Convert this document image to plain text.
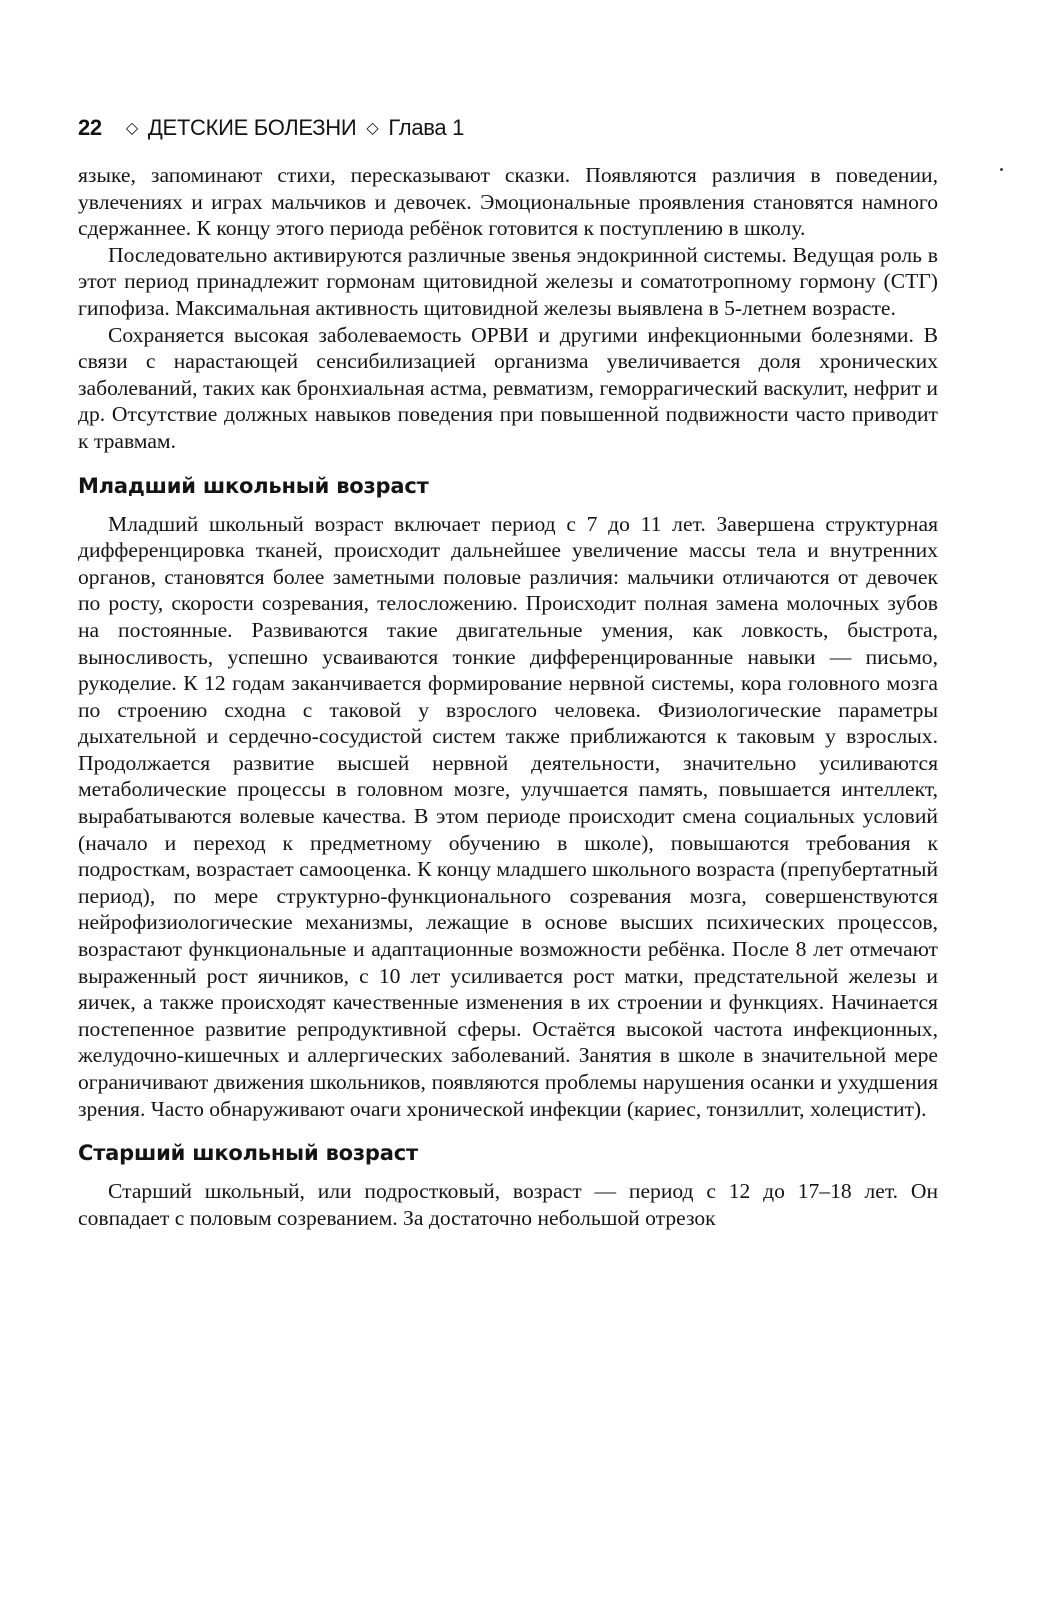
22 ◇ ДЕТСКИЕ БОЛЕЗНИ ◇ Глава 1

языке, запоминают стихи, пересказывают сказки. Появляются различия в поведении, увлечениях и играх мальчиков и девочек. Эмоциональные проявления становятся намного сдержаннее. К концу этого периода ребёнок готовится к поступлению в школу.

Последовательно активируются различные звенья эндокринной системы. Ведущая роль в этот период принадлежит гормонам щитовидной железы и соматотропному гормону (СТГ) гипофиза. Максимальная активность щитовидной железы выявлена в 5-летнем возрасте.

Сохраняется высокая заболеваемость ОРВИ и другими инфекционными болезнями. В связи с нарастающей сенсибилизацией организма увеличивается доля хронических заболеваний, таких как бронхиальная астма, ревматизм, геморрагический васкулит, нефрит и др. Отсутствие должных навыков поведения при повышенной подвижности часто приводит к травмам.

Младший школьный возраст

Младший школьный возраст включает период с 7 до 11 лет. Завершена структурная дифференцировка тканей, происходит дальнейшее увеличение массы тела и внутренних органов, становятся более заметными половые различия: мальчики отличаются от девочек по росту, скорости созревания, телосложению. Происходит полная замена молочных зубов на постоянные. Развиваются такие двигательные умения, как ловкость, быстрота, выносливость, успешно усваиваются тонкие дифференцированные навыки — письмо, рукоделие. К 12 годам заканчивается формирование нервной системы, кора головного мозга по строению сходна с таковой у взрослого человека. Физиологические параметры дыхательной и сердечно-сосудистой систем также приближаются к таковым у взрослых. Продолжается развитие высшей нервной деятельности, значительно усиливаются метаболические процессы в головном мозге, улучшается память, повышается интеллект, вырабатываются волевые качества. В этом периоде происходит смена социальных условий (начало и переход к предметному обучению в школе), повышаются требования к подросткам, возрастает самооценка. К концу младшего школьного возраста (препубертатный период), по мере структурно-функционального созревания мозга, совершенствуются нейрофизиологические механизмы, лежащие в основе высших психических процессов, возрастают функциональные и адаптационные возможности ребёнка. После 8 лет отмечают выраженный рост яичников, с 10 лет усиливается рост матки, предстательной железы и яичек, а также происходят качественные изменения в их строении и функциях. Начинается постепенное развитие репродуктивной сферы. Остаётся высокой частота инфекционных, желудочно-кишечных и аллергических заболеваний. Занятия в школе в значительной мере ограничивают движения школьников, появляются проблемы нарушения осанки и ухудшения зрения. Часто обнаруживают очаги хронической инфекции (кариес, тонзиллит, холецистит).

Старший школьный возраст

Старший школьный, или подростковый, возраст — период с 12 до 17–18 лет. Он совпадает с половым созреванием. За достаточно небольшой отрезок
